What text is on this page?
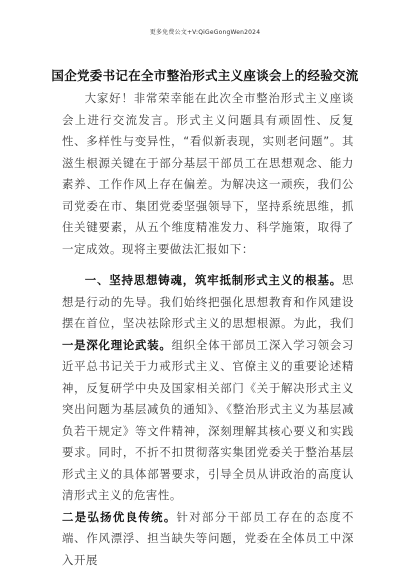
更多免费公文+V:QiGeGongWen2024
国企党委书记在全市整治形式主义座谈会上的经验交流

大家好！非常荣幸能在此次全市整治形式主义座谈会上进行交流发言。形式主义问题具有顽固性、反复性、多样性与变异性，“看似新表现，实则老问题”。其滋生根源关键在于部分基层干部员工在思想观念、能力素养、工作作风上存在偏差。为解决这一顽疾，我们公司党委在市、集团党委坚强领导下，坚持系统思维，抓住关键要素，从五个维度精准发力、科学施策，取得了一定成效。现将主要做法汇报如下：

一、坚持思想铸魂，筑牢抵制形式主义的根基。思想是行动的先导。我们始终把强化思想教育和作风建设摆在首位，坚决祛除形式主义的思想根源。为此，我们一是深化理论武装。组织全体干部员工深入学习领会习近平总书记关于力戒形式主义、官僚主义的重要论述精神，反复研学中央及国家相关部门《关于解决形式主义突出问题为基层减负的通知》、《整治形式主义为基层减负若干规定》等文件精神，深刻理解其核心要义和实践要求。同时，不折不扣贯彻落实集团党委关于整治基层形式主义的具体部署要求，引导全员从讲政治的高度认清形式主义的危害性。

二是弘扬优良传统。针对部分干部员工存在的态度不端、作风漂浮、担当缺失等问题，党委在全体员工中深入开展
